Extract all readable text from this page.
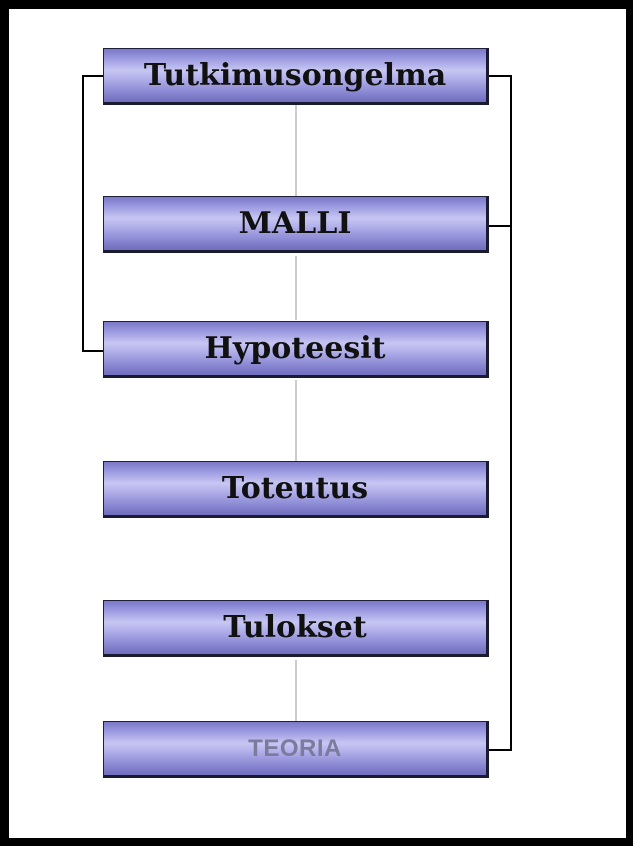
Tutkimusongelma
MALLI
Hypoteesit
Toteutus
Tulokset
TEORIA
